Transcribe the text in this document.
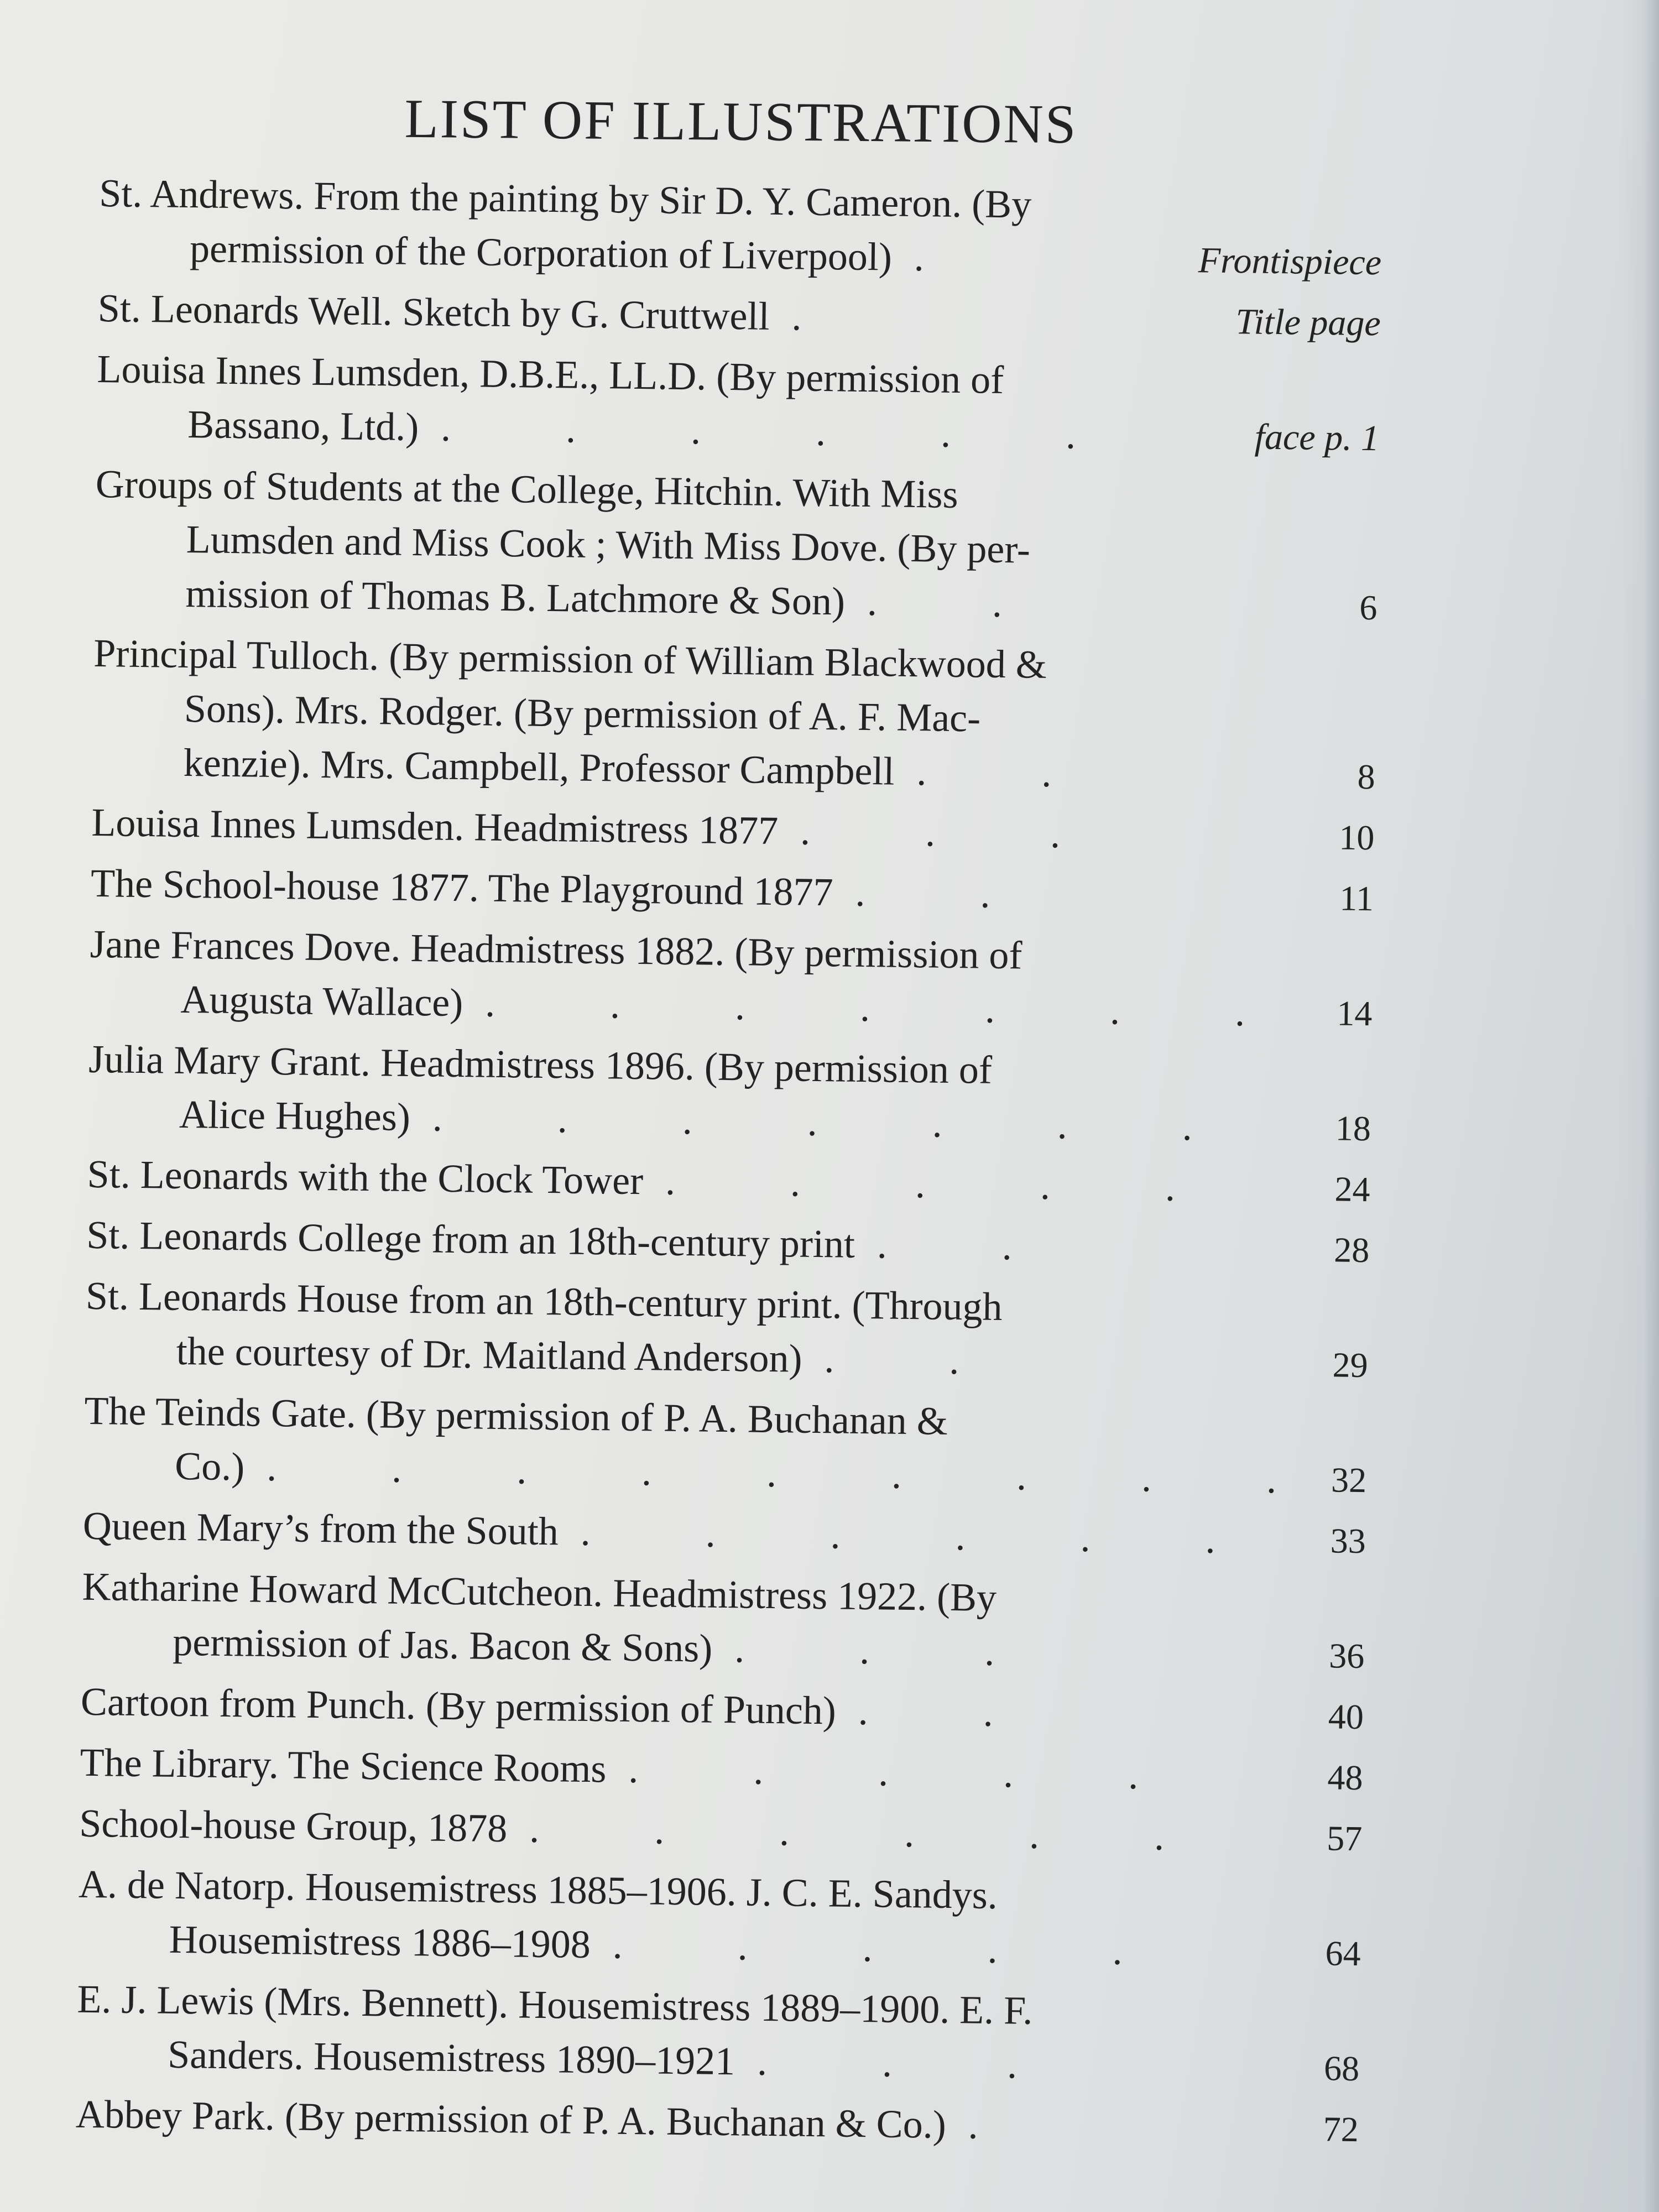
LIST OF ILLUSTRATIONS
St. Andrews. From the painting by Sir D. Y. Cameron. (By
permission of the Corporation of Liverpool) .	Frontispiece
St. Leonards Well. Sketch by G. Cruttwell .	Title page
Louisa Innes Lumsden, D.B.E., LL.D. (By permission of
Bassano, Ltd.) . . . . . .	face p. 1
Groups of Students at the College, Hitchin. With Miss
Lumsden and Miss Cook ; With Miss Dove. (By per-
mission of Thomas B. Latchmore & Son) . .	6
Principal Tulloch. (By permission of William Blackwood &
Sons). Mrs. Rodger. (By permission of A. F. Mac-
kenzie). Mrs. Campbell, Professor Campbell . .	8
Louisa Innes Lumsden. Headmistress 1877 . . .	10
The School-house 1877. The Playground 1877 . .	11
Jane Frances Dove. Headmistress 1882. (By permission of
Augusta Wallace) . . . . . . .	14
Julia Mary Grant. Headmistress 1896. (By permission of
Alice Hughes) . . . . . . .	18
St. Leonards with the Clock Tower . . . . .	24
St. Leonards College from an 18th-century print . .	28
St. Leonards House from an 18th-century print. (Through
the courtesy of Dr. Maitland Anderson) . .	29
The Teinds Gate. (By permission of P. A. Buchanan &
Co.) . . . . . . . . . 32
Queen Mary’s from the South . . . . . .	33
Katharine Howard McCutcheon. Headmistress 1922. (By
permission of Jas. Bacon & Sons) . . .	36
Cartoon from Punch. (By permission of Punch) . .	40
The Library. The Science Rooms . . . . .	48
School-house Group, 1878 . . . . . .	57
A. de Natorp. Housemistress 1885–1906. J. C. E. Sandys.
Housemistress 1886–1908 . . . . .	64
E. J. Lewis (Mrs. Bennett). Housemistress 1889–1900. E. F.
Sanders. Housemistress 1890–1921 . . .	68
Abbey Park. (By permission of P. A. Buchanan & Co.) .	72
